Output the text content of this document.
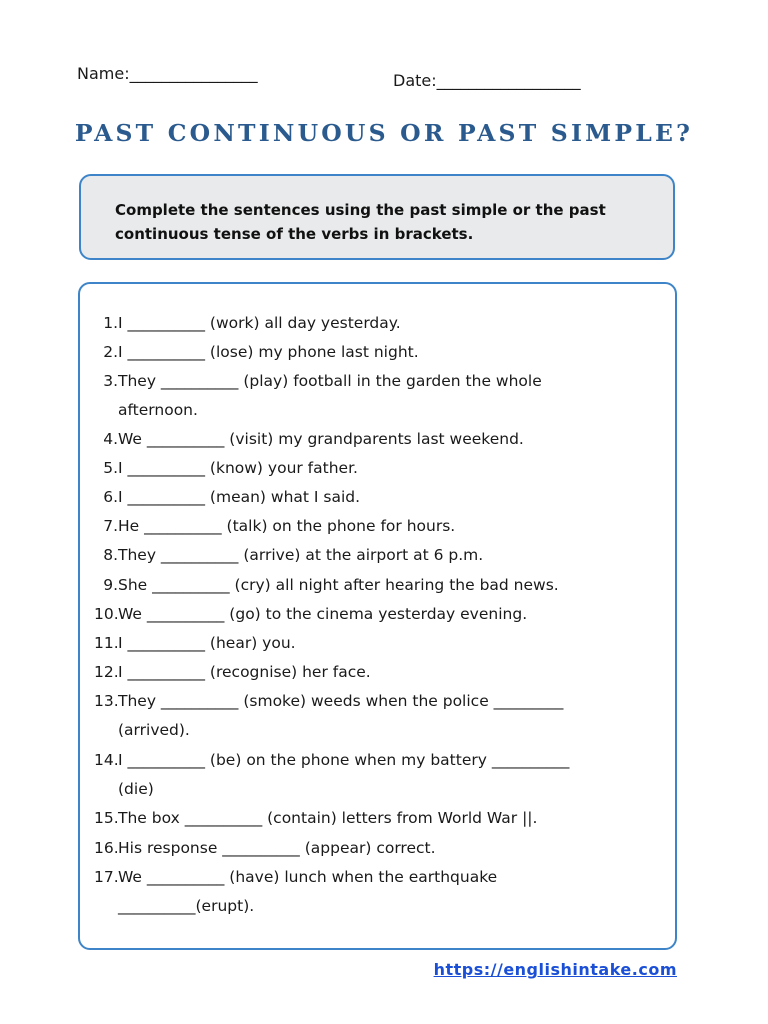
Name:________________	Date:__________________
PAST CONTINUOUS OR PAST SIMPLE?
Complete the sentences using the past simple or the past continuous tense of the verbs in brackets.
1. I __________ (work) all day yesterday.
2. I __________ (lose) my phone last night.
3. They __________ (play) football in the garden the whole
afternoon.
4. We __________ (visit) my grandparents last weekend.
5. I __________ (know) your father.
6. I __________ (mean) what I said.
7. He __________ (talk) on the phone for hours.
8. They __________ (arrive) at the airport at 6 p.m.
9. She __________ (cry) all night after hearing the bad news.
10. We __________ (go) to the cinema yesterday evening.
11. I __________ (hear) you.
12. I __________ (recognise) her face.
13. They __________ (smoke) weeds when the police _________
(arrived).
14. I __________ (be) on the phone when my battery __________
(die)
15. The box __________ (contain) letters from World War ||.
16. His response __________ (appear) correct.
17. We __________ (have) lunch when the earthquake
__________(erupt).
https://englishintake.com
